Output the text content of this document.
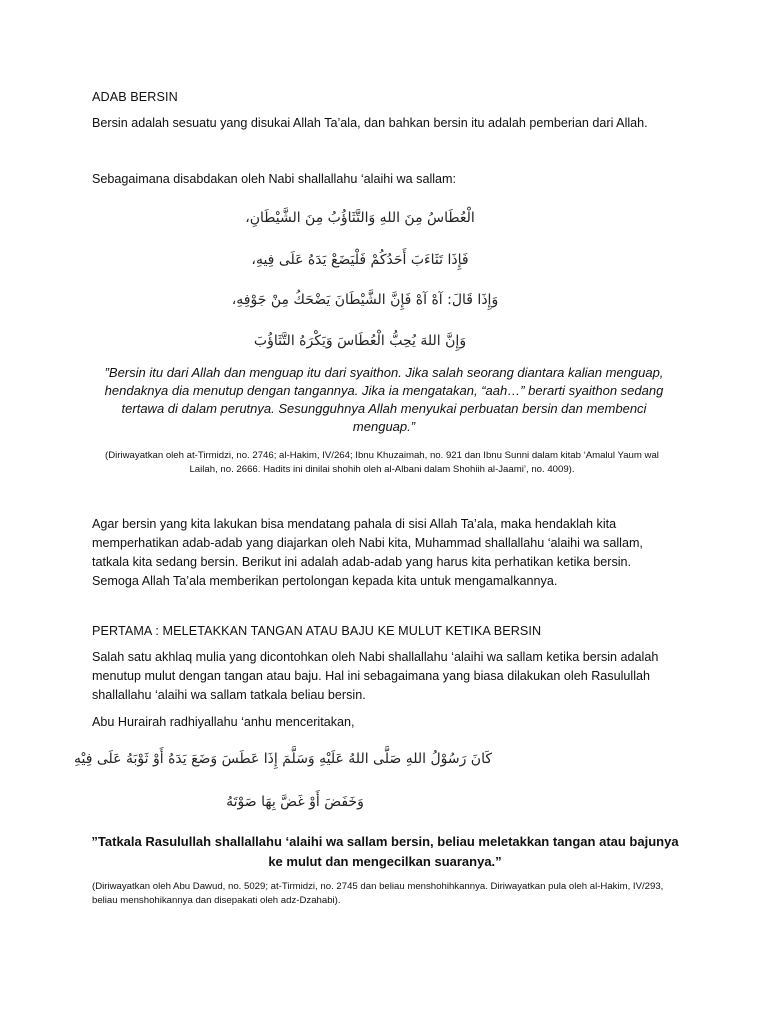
ADAB BERSIN

Bersin adalah sesuatu yang disukai Allah Ta’ala, dan bahkan bersin itu adalah pemberian dari Allah.

Sebagaimana disabdakan oleh Nabi shallallahu ‘alaihi wa sallam:

الْعُطَاسُ مِنَ اللهِ وَالتَّثَاؤُبُ مِنَ الشَّيْطَانِ،
فَإِذَا تَثَاءَبَ أَحَدُكُمْ فَلْيَضَعْ يَدَهُ عَلَى فِيهِ،
وَإِذَا قَالَ: آهْ آهْ فَإِنَّ الشَّيْطَانَ يَضْحَكُ مِنْ جَوْفِهِ،
وَإِنَّ اللهَ يُحِبُّ الْعُطَاسَ وَيَكْرَهُ التَّثَاؤُبَ

”Bersin itu dari Allah dan menguap itu dari syaithon. Jika salah seorang diantara kalian menguap, hendaknya dia menutup dengan tangannya. Jika ia mengatakan, “aah…” berarti syaithon sedang tertawa di dalam perutnya. Sesungguhnya Allah menyukai perbuatan bersin dan membenci menguap.”

(Diriwayatkan oleh at-Tirmidzi, no. 2746; al-Hakim, IV/264; Ibnu Khuzaimah, no. 921 dan Ibnu Sunni dalam kitab ‘Amalul Yaum wal Lailah, no. 2666. Hadits ini dinilai shohih oleh al-Albani dalam Shohiih al-Jaami’, no. 4009).

Agar bersin yang kita lakukan bisa mendatang pahala di sisi Allah Ta’ala, maka hendaklah kita memperhatikan adab-adab yang diajarkan oleh Nabi kita, Muhammad shallallahu ‘alaihi wa sallam, tatkala kita sedang bersin. Berikut ini adalah adab-adab yang harus kita perhatikan ketika bersin. Semoga Allah Ta’ala memberikan pertolongan kepada kita untuk mengamalkannya.

PERTAMA : MELETAKKAN TANGAN ATAU BAJU KE MULUT KETIKA BERSIN

Salah satu akhlaq mulia yang dicontohkan oleh Nabi shallallahu ‘alaihi wa sallam ketika bersin adalah menutup mulut dengan tangan atau baju. Hal ini sebagaimana yang biasa dilakukan oleh Rasulullah shallallahu ‘alaihi wa sallam tatkala beliau bersin.

Abu Hurairah radhiyallahu ‘anhu menceritakan,

كَانَ رَسُوْلُ اللهِ صَلَّى اللهُ عَلَيْهِ وَسَلَّمَ إِذَا عَطَسَ وَضَعَ يَدَهُ أَوْ ثَوْبَهُ عَلَى فِيْهِ
وَخَفَضَ أَوْ غَضَّ بِهَا صَوْتَهُ

”Tatkala Rasulullah shallallahu ‘alaihi wa sallam bersin, beliau meletakkan tangan atau bajunya ke mulut dan mengecilkan suaranya.”

(Diriwayatkan oleh Abu Dawud, no. 5029; at-Tirmidzi, no. 2745 dan beliau menshohihkannya. Diriwayatkan pula oleh al-Hakim, IV/293, beliau menshohikannya dan disepakati oleh adz-Dzahabi).
